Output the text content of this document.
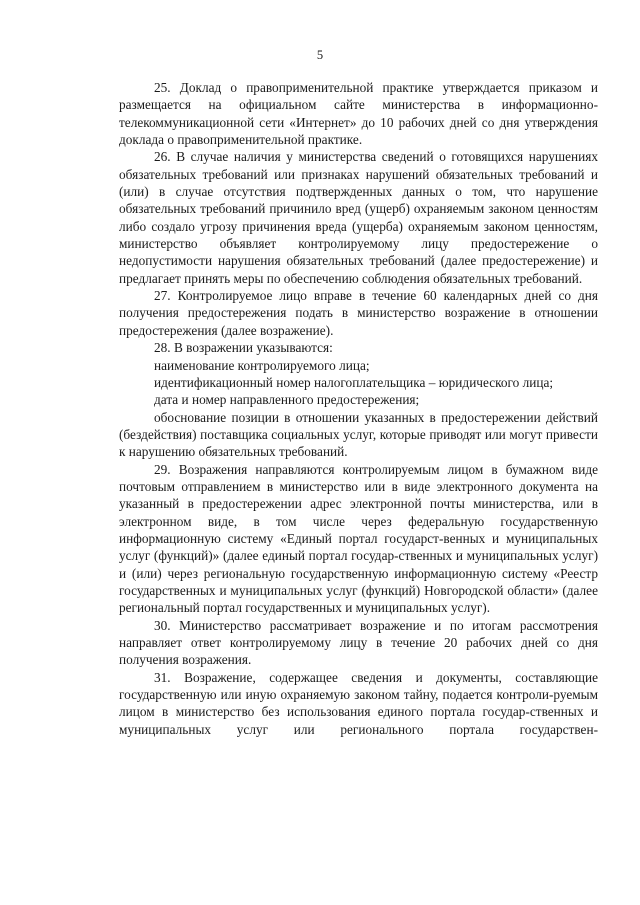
5

25. Доклад о правоприменительной практике утверждается приказом и размещается на официальном сайте министерства в информационно-телекоммуникационной сети «Интернет» до 10 рабочих дней со дня утверждения доклада о правоприменительной практике.

26. В случае наличия у министерства сведений о готовящихся нарушениях обязательных требований или признаках нарушений обязательных требований и (или) в случае отсутствия подтвержденных данных о том, что нарушение обязательных требований причинило вред (ущерб) охраняемым законом ценностям либо создало угрозу причинения вреда (ущерба) охраняемым законом ценностям, министерство объявляет контролируемому лицу предостережение о недопустимости нарушения обязательных требований (далее предостережение) и предлагает принять меры по обеспечению соблюдения обязательных требований.

27. Контролируемое лицо вправе в течение 60 календарных дней со дня получения предостережения подать в министерство возражение в отношении предостережения (далее возражение).

28. В возражении указываются:

наименование контролируемого лица;

идентификационный номер налогоплательщика – юридического лица;

дата и номер направленного предостережения;

обоснование позиции в отношении указанных в предостережении действий (бездействия) поставщика социальных услуг, которые приводят или могут привести к нарушению обязательных требований.

29. Возражения направляются контролируемым лицом в бумажном виде почтовым отправлением в министерство или в виде электронного документа на указанный в предостережении адрес электронной почты министерства, или в электронном виде, в том числе через федеральную государственную информационную систему «Единый портал государст-венных и муниципальных услуг (функций)» (далее единый портал государ-ственных и муниципальных услуг) и (или) через региональную государственную информационную систему «Реестр государственных и муниципальных услуг (функций) Новгородской области» (далее региональный портал государственных и муниципальных услуг).

30. Министерство рассматривает возражение и по итогам рассмотрения направляет ответ контролируемому лицу в течение 20 рабочих дней со дня получения возражения.

31. Возражение, содержащее сведения и документы, составляющие государственную или иную охраняемую законом тайну, подается контроли-руемым лицом в министерство без использования единого портала государ-ственных и муниципальных услуг или регионального портала государствен-
